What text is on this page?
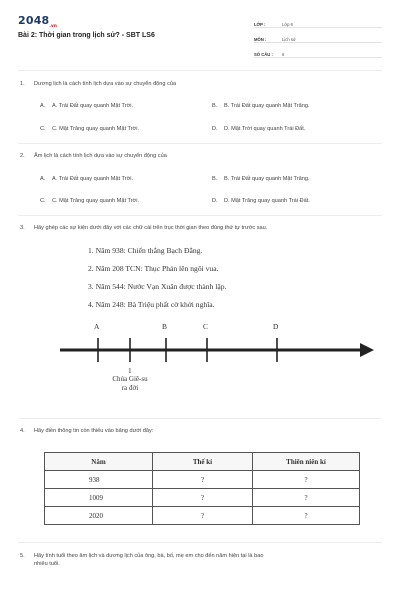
$2048_{.vn}$
Bài 2: Thời gian trong lịch sử? - SBT LS6
LỚP :	Lớp 6
MÔN :	Lịch sử
SỐ CÂU :	6
1. Dương lịch là cách tính lịch dựa vào sự chuyển động của
A. A. Trái Đất quay quanh Mặt Trời.	B. B. Trái Đất quay quanh Mặt Trăng.
C. C. Mặt Trăng quay quanh Mặt Trời.	D. D. Mặt Trời quay quanh Trái Đất.
2. Âm lịch là cách tính lịch dựa vào sự chuyển động của
A. A. Trái Đất quay quanh Mặt Trời.	B. B. Trái Đất quay quanh Mặt Trăng.
C. C. Mặt Trăng quay quanh Mặt Trời.	D. D. Mặt Trăng quay quanh Trái Đất.
3. Hãy ghép các sự kiện dưới đây với các chữ cái trên trục thời gian theo đúng thứ tự trước sau.
1. Năm 938: Chiến thắng Bạch Đằng.
2. Năm 208 TCN: Thục Phán lên ngôi vua.
3. Năm 544: Nước Vạn Xuân được thành lập.
4. Năm 248: Bà Triệu phất cờ khởi nghĩa.
A	B	C	D
1
Chúa Giê-su
ra đời
4. Hãy điền thông tin còn thiếu vào bảng dưới đây:
Năm	Thế kỉ	Thiên niên kỉ
938	?	?
1009	?	?
2020	?	?
5. Hãy tính tuổi theo âm lịch và dương lịch của ông, bà, bố, mẹ em cho đến năm hiện tại là bao
nhiêu tuổi.
